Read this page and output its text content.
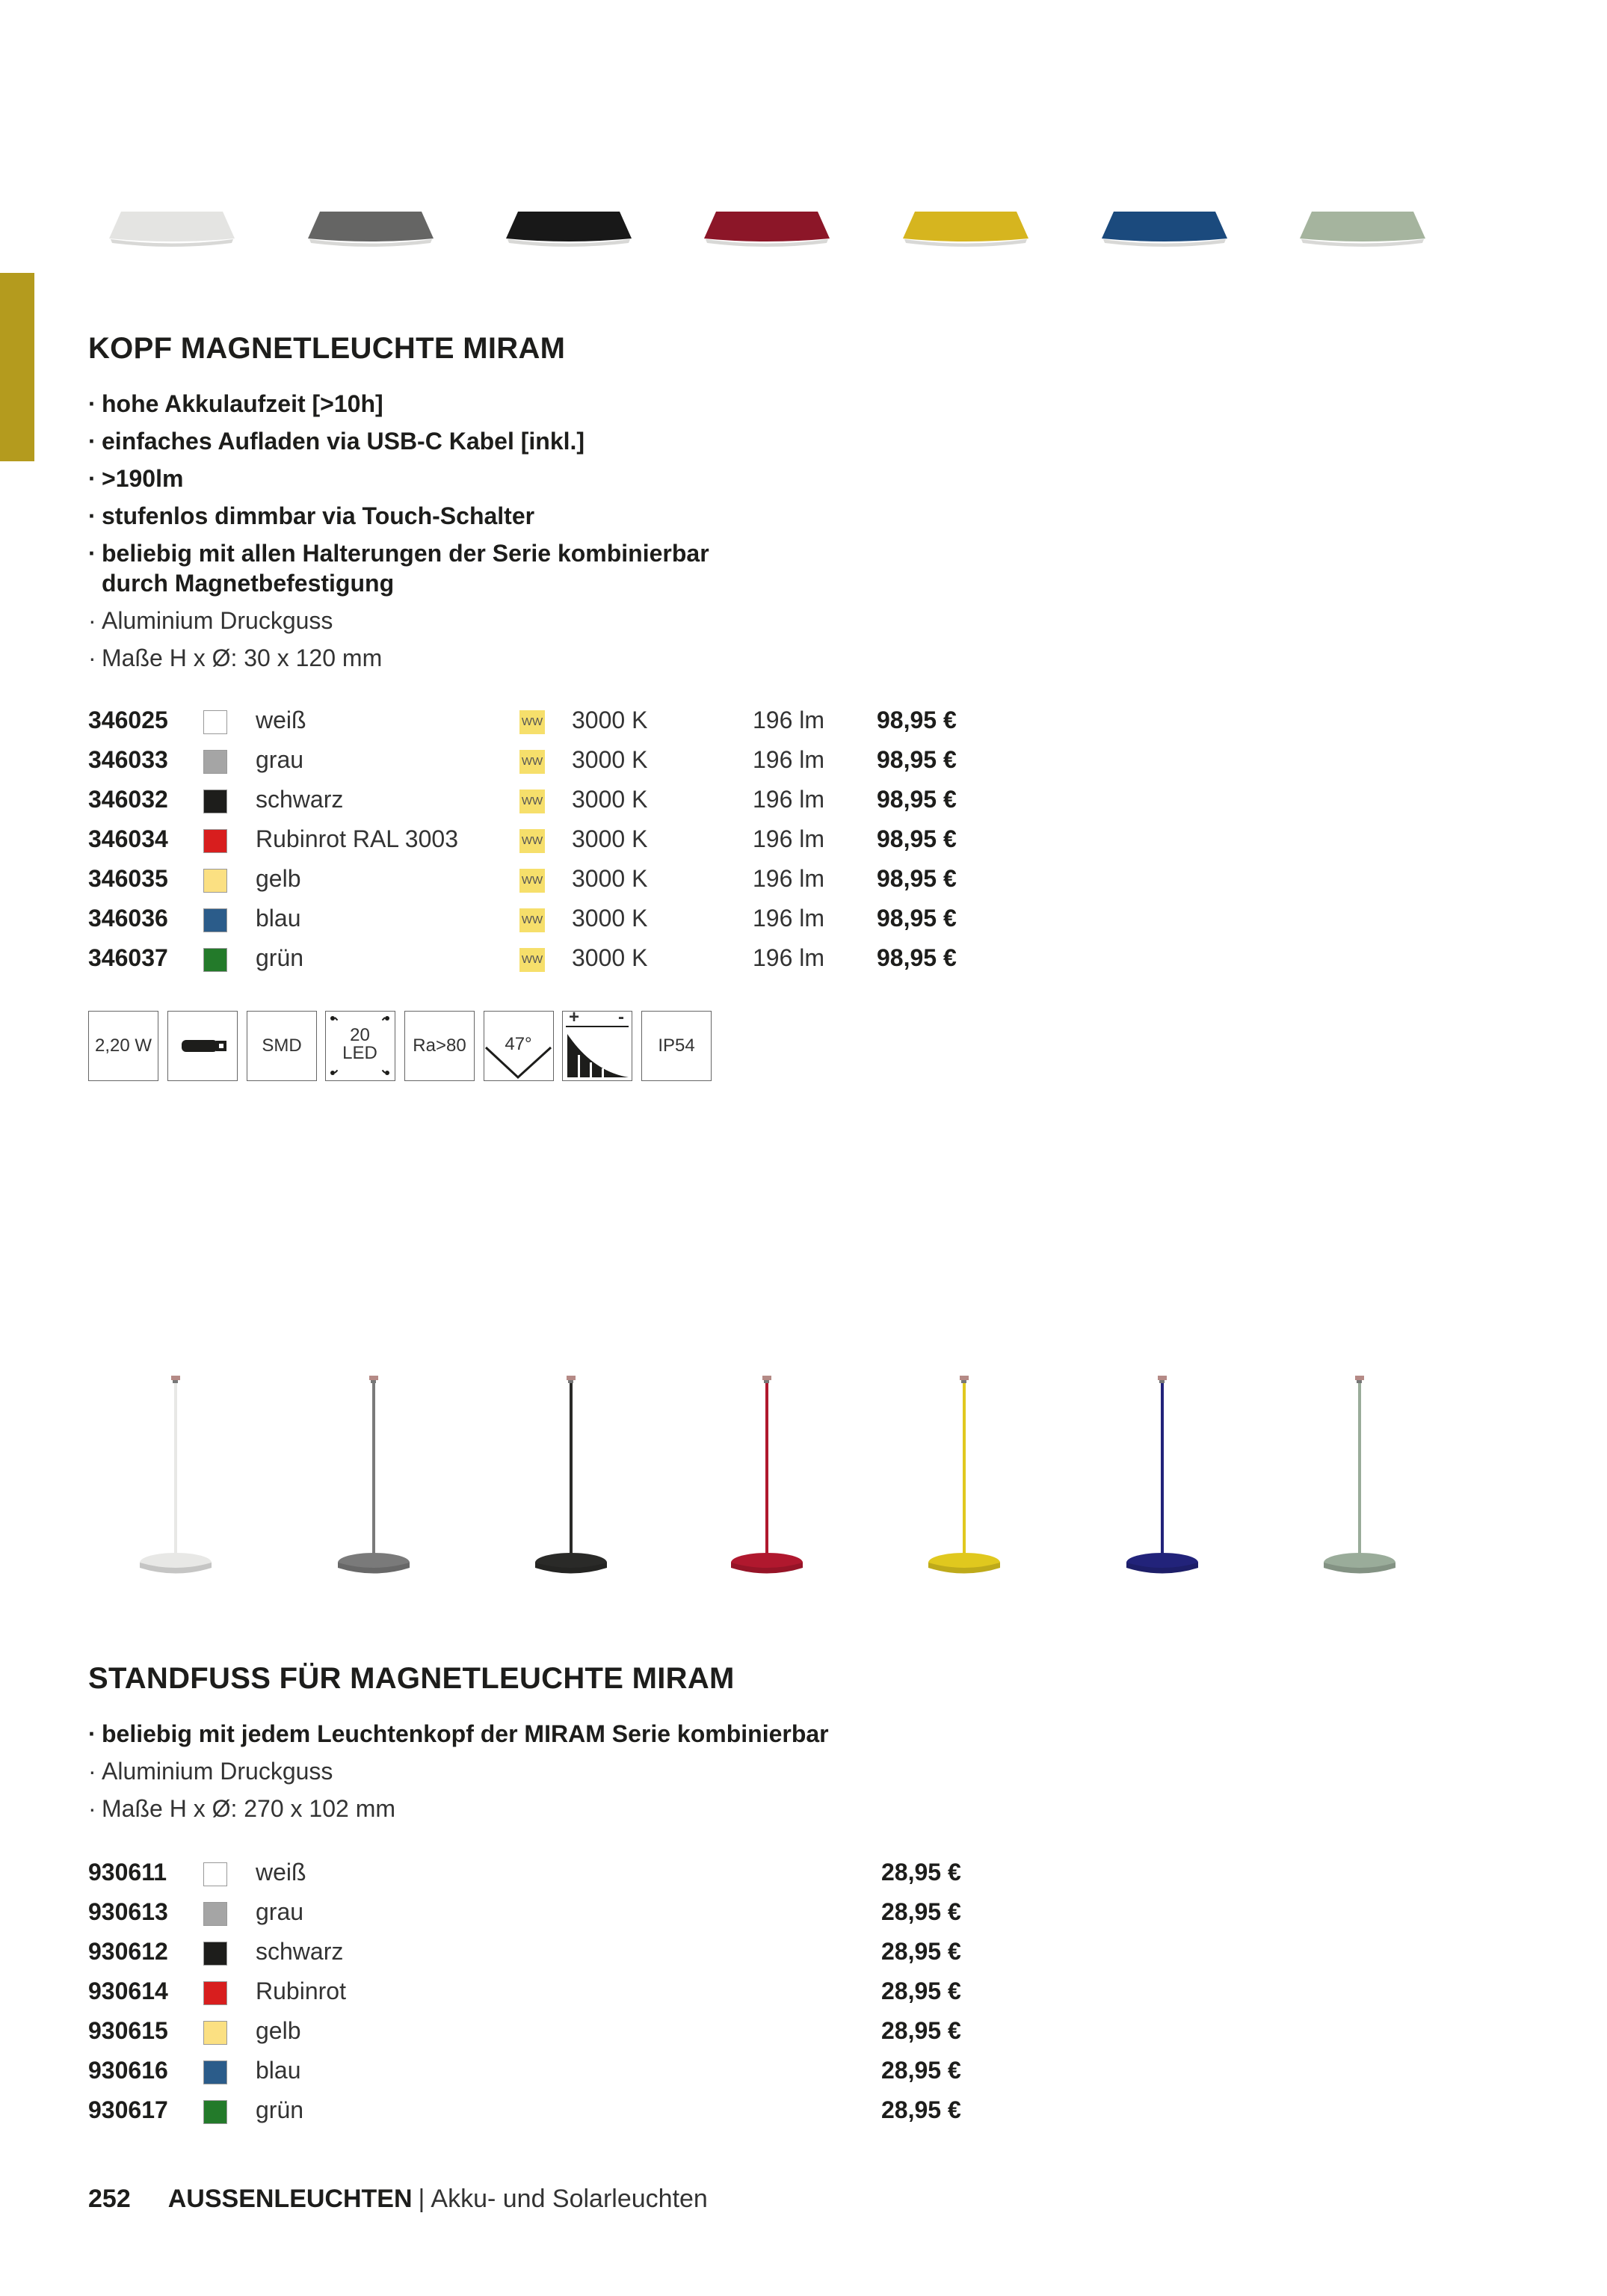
KOPF MAGNETLEUCHTE MIRAM
· hohe Akkulaufzeit [>10h]
· einfaches Aufladen via USB-C Kabel [inkl.]
· >190lm
· stufenlos dimmbar via Touch-Schalter
· beliebig mit allen Halterungen der Serie kombinierbar
durch Magnetbefestigung
· Aluminium Druckguss
· Maße H x Ø: 30 x 120 mm
346025		weiß	WW	3000 K	196 lm	98,95 €
346033		grau	WW	3000 K	196 lm	98,95 €
346032		schwarz	WW	3000 K	196 lm	98,95 €
346034		Rubinrot RAL 3003	WW	3000 K	196 lm	98,95 €
346035		gelb	WW	3000 K	196 lm	98,95 €
346036		blau	WW	3000 K	196 lm	98,95 €
346037		grün	WW	3000 K	196 lm	98,95 €
2,20 W	SMD
20
LED	Ra>80	47°
+ -
IP54
STANDFUSS FÜR MAGNETLEUCHTE MIRAM
· beliebig mit jedem Leuchtenkopf der MIRAM Serie kombinierbar
· Aluminium Druckguss
· Maße H x Ø: 270 x 102 mm
930611		weiß	28,95 €
930613		grau	28,95 €
930612		schwarz	28,95 €
930614		Rubinrot	28,95 €
930615		gelb	28,95 €
930616		blau	28,95 €
930617		grün	28,95 €
252 AUSSENLEUCHTEN | Akku- und Solarleuchten
